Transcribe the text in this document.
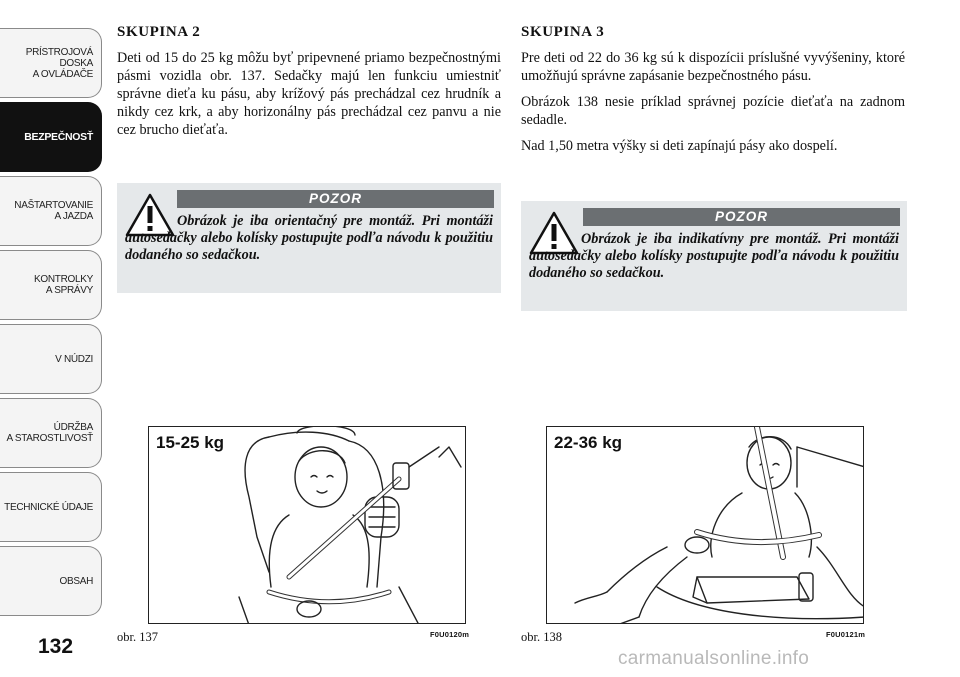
PRÍSTROJOVÁ
DOSKA
A OVLÁDAČE
BEZPEČNOSŤ
NAŠTARTOVANIE
A JAZDA
KONTROLKY
A SPRÁVY
V NÚDZI
ÚDRŽBA
A STAROSTLIVOSŤ
TECHNICKÉ ÚDAJE
OBSAH
132
SKUPINA 2

Deti od 15 do 25 kg môžu byť pripevnené priamo bezpečnostnými pásmi vozidla obr. 137. Sedačky majú len funkciu umiestniť správne dieťa ku pásu, aby krížový pás prechádzal cez hrudník a nikdy cez krk, a aby horizonálny pás prechádzal cez panvu a nie cez brucho dieťaťa.

SKUPINA 3

Pre deti od 22 do 36 kg sú k dispozícii príslušné vyvýšeniny, ktoré umožňujú správne zapásanie bezpečnostného pásu.

Obrázok 138 nesie príklad správnej pozície dieťaťa na zadnom sedadle.

Nad 1,50 metra výšky si deti zapínajú pásy ako dospelí.

POZOR

Obrázok je iba orientačný pre montáž. Pri montáži autosedačky alebo kolísky postupujte podľa návodu k použitiu dodaného so sedačkou.

POZOR

Obrázok je iba indikatívny pre montáž. Pri montáži autosedačky alebo kolísky postupujte podľa návodu k použitiu dodaného so sedačkou.

15-25 kg
obr. 137	F0U0120m
22-36 kg
obr. 138	F0U0121m
carmanualsonline.info
